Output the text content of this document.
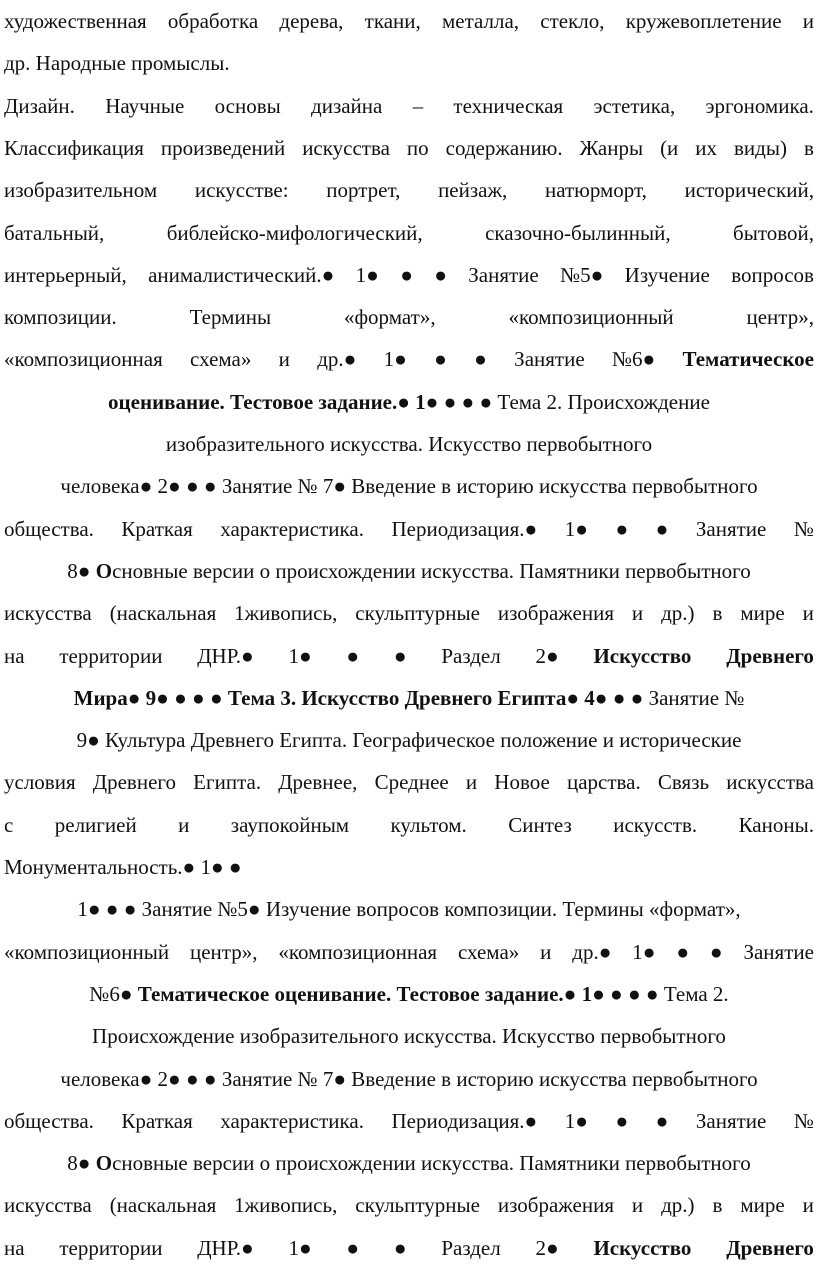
художественная обработка дерева, ткани, металла, стекло, кружевоплетение и
др. Народные промыслы.
Дизайн. Научные основы дизайна – техническая эстетика, эргономика.
Классификация произведений искусства по содержанию. Жанры (и их виды) в
изобразительном искусстве: портрет, пейзаж, натюрморт, исторический,
батальный,	библейско-мифологический,	сказочно-былинный,	бытовой,
интерьерный, анималистический.● 1● ● ● Занятие №5● Изучение вопросов
композиции.	Термины	«формат»,	«композиционный	центр»,
«композиционная схема» и др.● 1● ● ● Занятие №6● Тематическое
оценивание. Тестовое задание.● 1● ● ● ● Тема 2. Происхождение
изобразительного искусства. Искусство первобытного
человека● 2● ● ● Занятие № 7● Введение в историю искусства первобытного
общества. Краткая характеристика. Периодизация.● 1● ● ● Занятие №
8● Основные версии о происхождении искусства. Памятники первобытного
искусства (наскальная 1живопись, скульптурные изображения и др.) в мире и
на территории ДНР.● 1● ● ● Раздел 2● Искусство Древнего
Мира● 9● ● ● ● Тема 3. Искусство Древнего Египта● 4● ● ● Занятие №
9● Культура Древнего Египта. Географическое положение и исторические
условия Древнего Египта. Древнее, Среднее и Новое царства. Связь искусства
с религией и заупокойным культом. Синтез искусств. Каноны.
Монументальность.● 1● ●
1● ● ● Занятие №5● Изучение вопросов композиции. Термины «формат»,
«композиционный центр», «композиционная схема» и др.● 1● ● ● Занятие
№6● Тематическое оценивание. Тестовое задание.● 1● ● ● ● Тема 2.
Происхождение изобразительного искусства. Искусство первобытного
человека● 2● ● ● Занятие № 7● Введение в историю искусства первобытного
общества. Краткая характеристика. Периодизация.● 1● ● ● Занятие №
8● Основные версии о происхождении искусства. Памятники первобытного
искусства (наскальная 1живопись, скульптурные изображения и др.) в мире и
на территории ДНР.● 1● ● ● Раздел 2● Искусство Древнего
